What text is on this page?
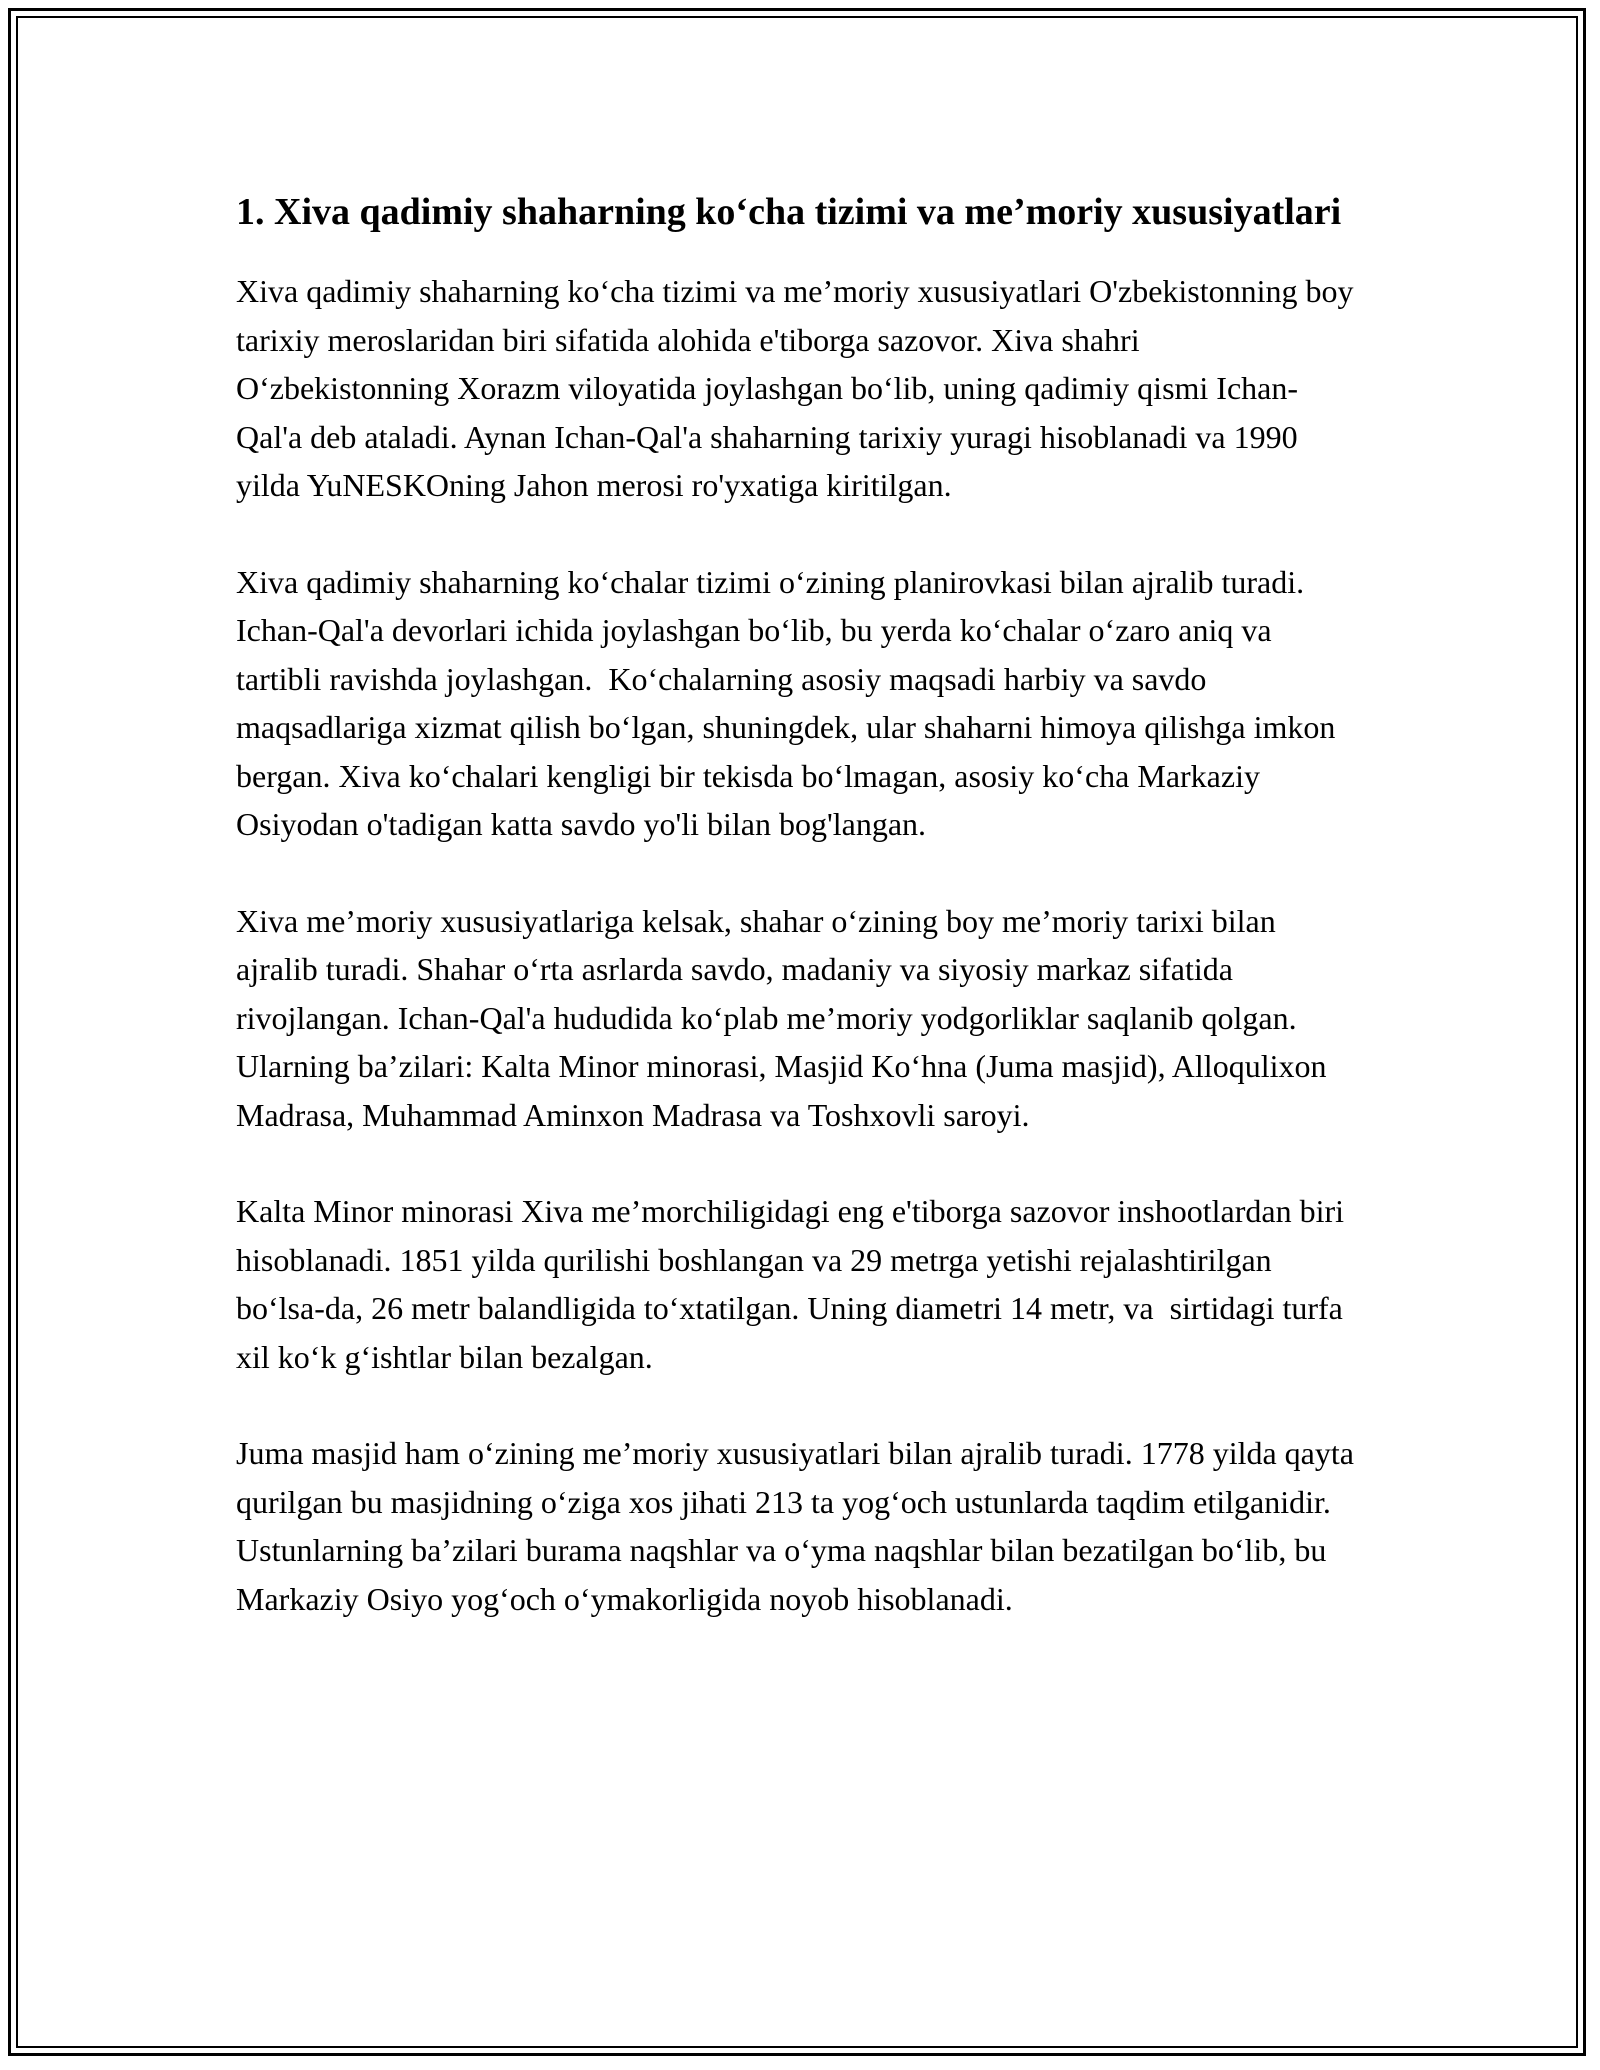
1. Xiva qadimiy shaharning ko‘cha tizimi va me’moriy xususiyatlari

Xiva qadimiy shaharning ko‘cha tizimi va me’moriy xususiyatlari O'zbekistonning boy tarixiy meroslaridan biri sifatida alohida e'tiborga sazovor. Xiva shahri O‘zbekistonning Xorazm viloyatida joylashgan bo‘lib, uning qadimiy qismi Ichan-Qal'a deb ataladi. Aynan Ichan-Qal'a shaharning tarixiy yuragi hisoblanadi va 1990 yilda YuNESKOning Jahon merosi ro'yxatiga kiritilgan.

Xiva qadimiy shaharning ko‘chalar tizimi o‘zining planirovkasi bilan ajralib turadi. Ichan-Qal'a devorlari ichida joylashgan bo‘lib, bu yerda ko‘chalar o‘zaro aniq va tartibli ravishda joylashgan.  Ko‘chalarning asosiy maqsadi harbiy va savdo maqsadlariga xizmat qilish bo‘lgan, shuningdek, ular shaharni himoya qilishga imkon bergan. Xiva ko‘chalari kengligi bir tekisda bo‘lmagan, asosiy ko‘cha Markaziy Osiyodan o'tadigan katta savdo yo'li bilan bog'langan.

Xiva me’moriy xususiyatlariga kelsak, shahar o‘zining boy me’moriy tarixi bilan ajralib turadi. Shahar o‘rta asrlarda savdo, madaniy va siyosiy markaz sifatida rivojlangan. Ichan-Qal'a hududida ko‘plab me’moriy yodgorliklar saqlanib qolgan.  Ularning ba’zilari: Kalta Minor minorasi, Masjid Ko‘hna (Juma masjid), Alloqulixon Madrasa, Muhammad Aminxon Madrasa va Toshxovli saroyi.

Kalta Minor minorasi Xiva me’morchiligidagi eng e'tiborga sazovor inshootlardan biri hisoblanadi. 1851 yilda qurilishi boshlangan va 29 metrga yetishi rejalashtirilgan bo‘lsa-da, 26 metr balandligida to‘xtatilgan. Uning diametri 14 metr, va  sirtidagi turfa xil ko‘k g‘ishtlar bilan bezalgan.

Juma masjid ham o‘zining me’moriy xususiyatlari bilan ajralib turadi. 1778 yilda qayta qurilgan bu masjidning o‘ziga xos jihati 213 ta yog‘och ustunlarda taqdim etilganidir. Ustunlarning ba’zilari burama naqshlar va o‘yma naqshlar bilan bezatilgan bo‘lib, bu Markaziy Osiyo yog‘och o‘ymakorligida noyob hisoblanadi.
